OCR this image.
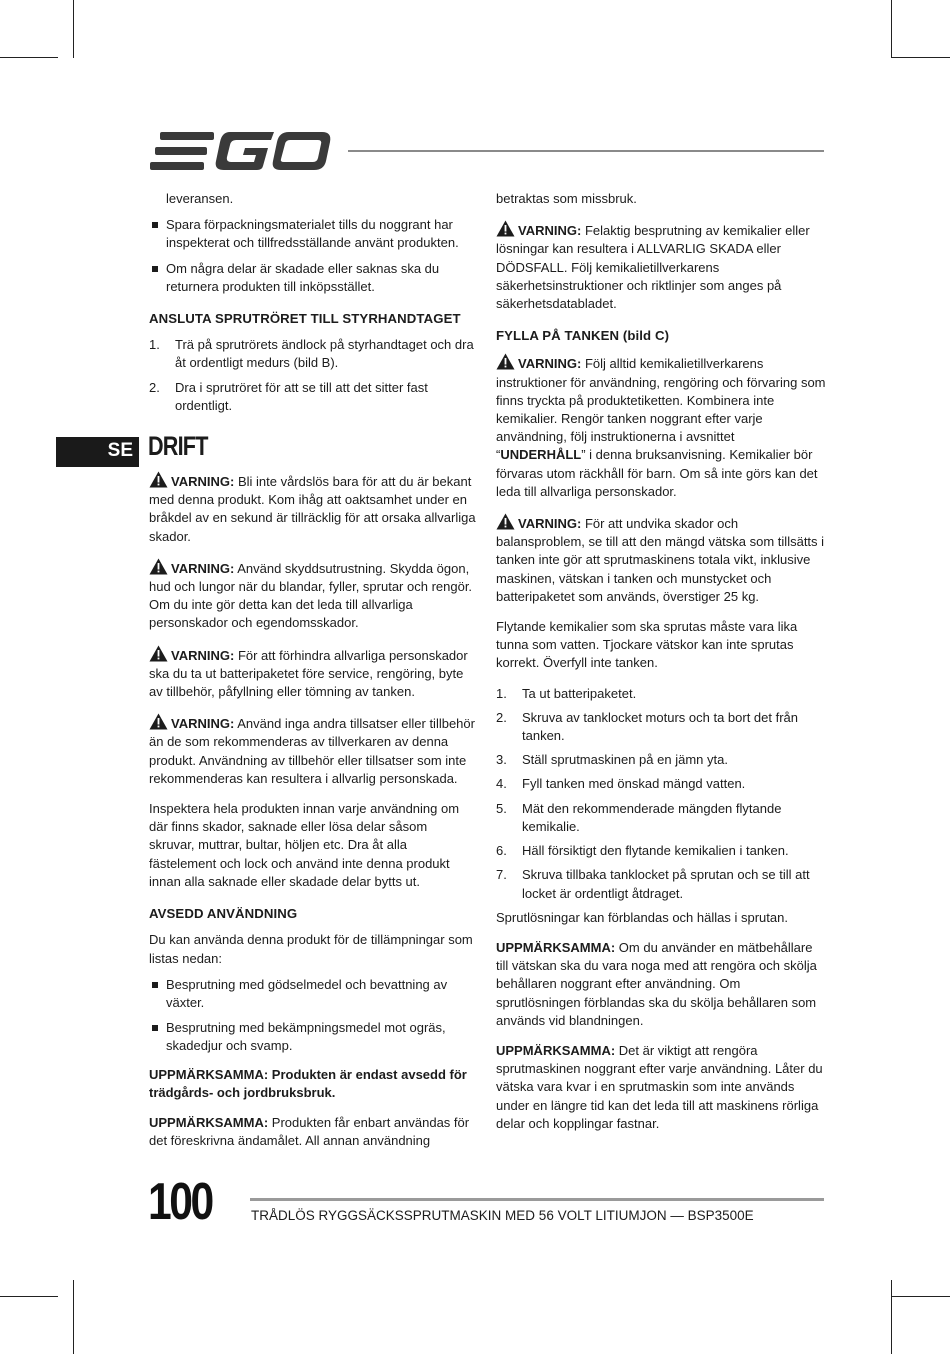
SE

leveransen.

Spara förpackningsmaterialet tills du noggrant har inspekterat och tillfredsställande använt produkten.
Om några delar är skadade eller saknas ska du returnera produkten till inköpsstället.
ANSLUTA SPRUTRÖRET TILL STYRHANDTAGET
1. Trä på sprutrörets ändlock på styrhandtaget och dra åt ordentligt medurs (bild B).
2. Dra i sprutröret för att se till att det sitter fast ordentligt.
DRIFT

VARNING: Bli inte vårdslös bara för att du är bekant med denna produkt. Kom ihåg att oaktsamhet under en bråkdel av en sekund är tillräcklig för att orsaka allvarliga skador.

VARNING: Använd skyddsutrustning. Skydda ögon, hud och lungor när du blandar, fyller, sprutar och rengör. Om du inte gör detta kan det leda till allvarliga personskador och egendomsskador.

VARNING: För att förhindra allvarliga personskador ska du ta ut batteripaketet före service, rengöring, byte av tillbehör, påfyllning eller tömning av tanken.

VARNING: Använd inga andra tillsatser eller tillbehör än de som rekommenderas av tillverkaren av denna produkt. Användning av tillbehör eller tillsatser som inte rekommenderas kan resultera i allvarlig personskada.

Inspektera hela produkten innan varje användning om där finns skador, saknade eller lösa delar såsom skruvar, muttrar, bultar, höljen etc. Dra åt alla fästelement och lock och använd inte denna produkt innan alla saknade eller skadade delar bytts ut.

AVSEDD ANVÄNDNING

Du kan använda denna produkt för de tillämpningar som listas nedan:

Besprutning med gödselmedel och bevattning av växter.
Besprutning med bekämpningsmedel mot ogräs, skadedjur och svamp.

UPPMÄRKSAMMA: Produkten är endast avsedd för trädgårds- och jordbruksbruk.

UPPMÄRKSAMMA: Produkten får enbart användas för det föreskrivna ändamålet. All annan användning

betraktas som missbruk.

VARNING: Felaktig besprutning av kemikalier eller lösningar kan resultera i ALLVARLIG SKADA eller DÖDSFALL. Följ kemikalietillverkarens säkerhetsinstruktioner och riktlinjer som anges på säkerhetsdatabladet.

FYLLA PÅ TANKEN (bild C)

VARNING: Följ alltid kemikalietillverkarens instruktioner för användning, rengöring och förvaring som finns tryckta på produktetiketten. Kombinera inte kemikalier. Rengör tanken noggrant efter varje användning, följ instruktionerna i avsnittet “UNDERHÅLL” i denna bruksanvisning. Kemikalier bör förvaras utom räckhåll för barn. Om så inte görs kan det leda till allvarliga personskador.

VARNING: För att undvika skador och balansproblem, se till att den mängd vätska som tillsätts i tanken inte gör att sprutmaskinens totala vikt, inklusive maskinen, vätskan i tanken och munstycket och batteripaketet som används, överstiger 25 kg.

Flytande kemikalier som ska sprutas måste vara lika tunna som vatten. Tjockare vätskor kan inte sprutas korrekt. Överfyll inte tanken.

1. Ta ut batteripaketet.
2. Skruva av tanklocket moturs och ta bort det från tanken.
3. Ställ sprutmaskinen på en jämn yta.
4. Fyll tanken med önskad mängd vatten.
5. Mät den rekommenderade mängden flytande kemikalie.
6. Häll försiktigt den flytande kemikalien i tanken.
7. Skruva tillbaka tanklocket på sprutan och se till att locket är ordentligt åtdraget.

Sprutlösningar kan förblandas och hällas i sprutan.

UPPMÄRKSAMMA: Om du använder en mätbehållare till vätskan ska du vara noga med att rengöra och skölja behållaren noggrant efter användning. Om sprutlösningen förblandas ska du skölja behållaren som används vid blandningen.

UPPMÄRKSAMMA: Det är viktigt att rengöra sprutmaskinen noggrant efter varje användning. Låter du vätska vara kvar i en sprutmaskin som inte används under en längre tid kan det leda till att maskinens rörliga delar och kopplingar fastnar.

100	TRÅDLÖS RYGGSÄCKSSPRUTMASKIN MED 56 VOLT LITIUMJON — BSP3500E
